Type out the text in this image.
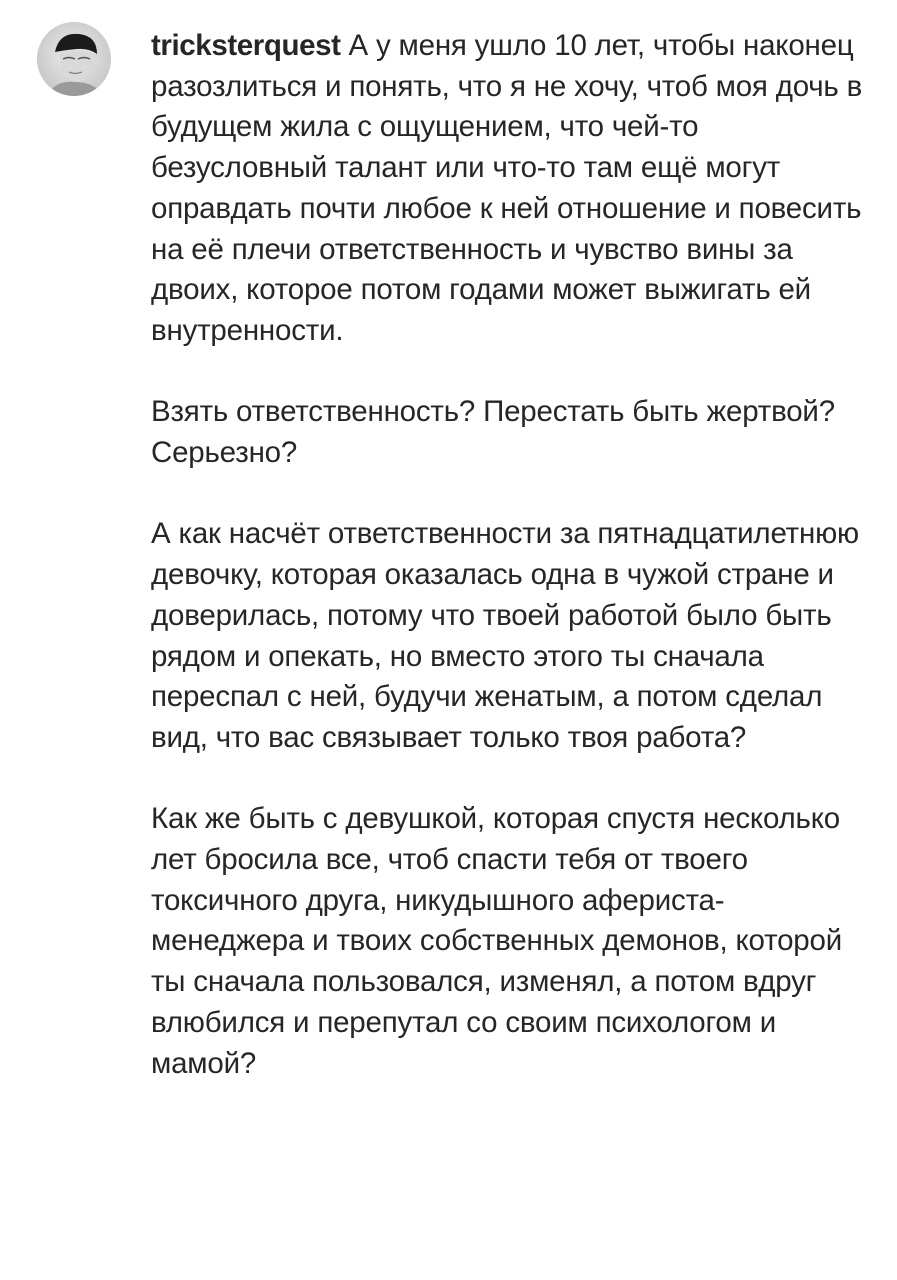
tricksterquest А у меня ушло 10 лет, чтобы наконец разозлиться и понять, что я не хочу, чтоб моя дочь в будущем жила с ощущением, что чей-то безусловный талант или что-то там ещё могут оправдать почти любое к ней отношение и повесить на её плечи ответственность и чувство вины за двоих, которое потом годами может выжигать ей внутренности.

Взять ответственность? Перестать быть жертвой? Серьезно?

А как насчёт ответственности за пятнадцатилетнюю девочку, которая оказалась одна в чужой стране и доверилась, потому что твоей работой было быть рядом и опекать, но вместо этого ты сначала переспал с ней, будучи женатым, а потом сделал вид, что вас связывает только твоя работа?

Как же быть с девушкой, которая спустя несколько лет бросила все, чтоб спасти тебя от твоего токсичного друга, никудышного афериста-менеджера и твоих собственных демонов, которой ты сначала пользовался, изменял, а потом вдруг влюбился и перепутал со своим психологом и мамой?
